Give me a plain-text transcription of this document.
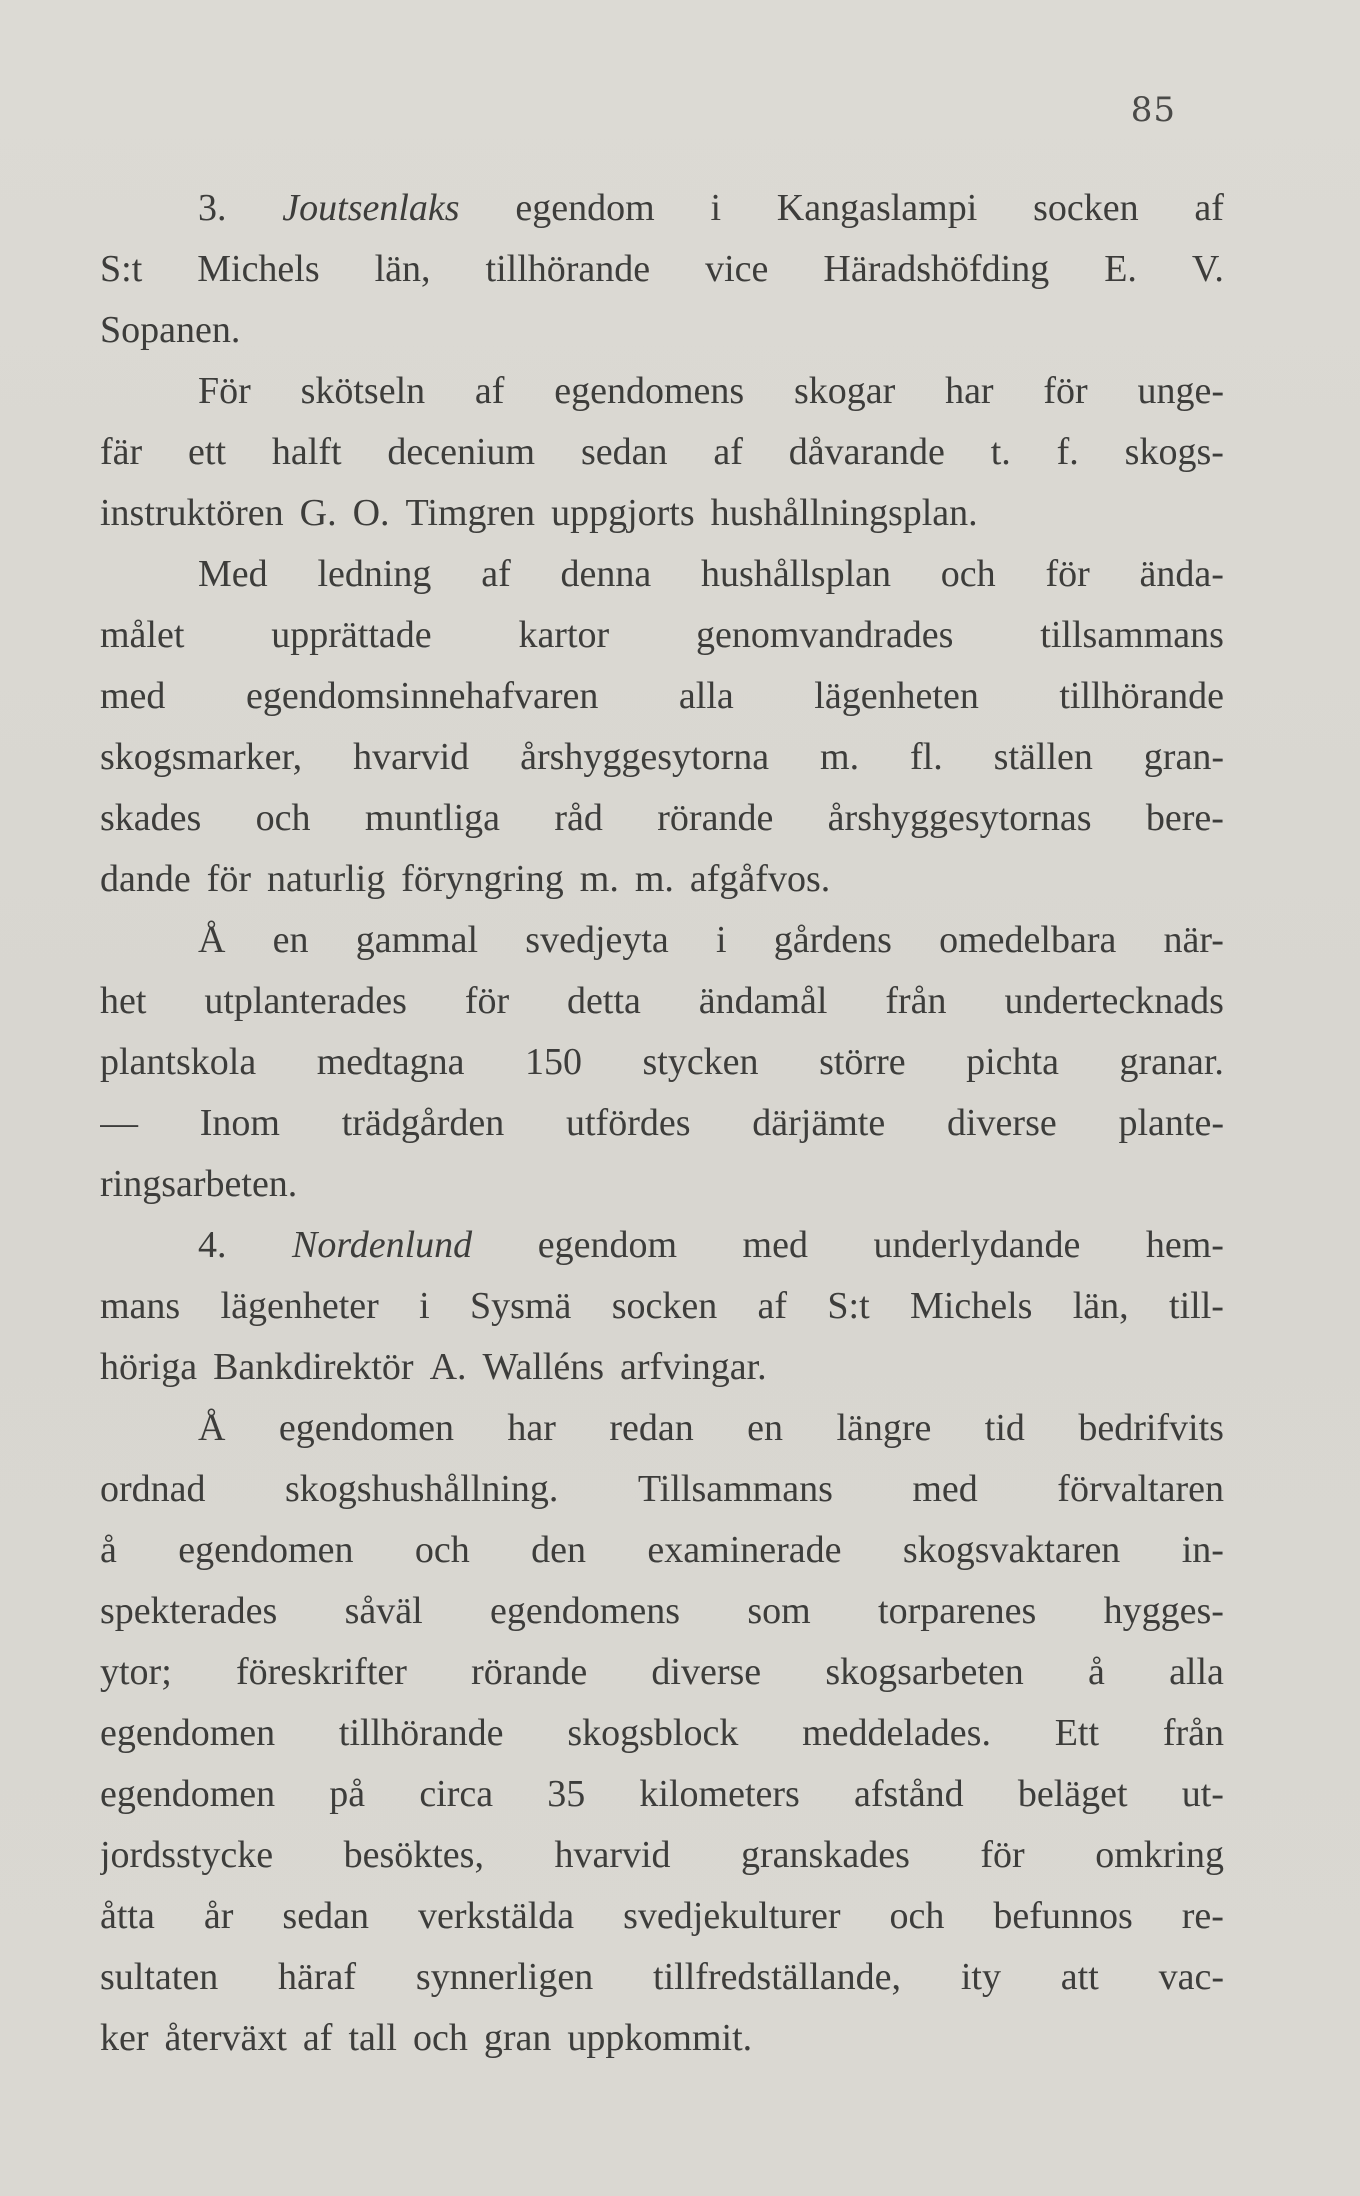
85
3. Joutsenlaks egendom i Kangaslampi socken af
S:t Michels län, tillhörande vice Häradshöfding E. V.
Sopanen.
För skötseln af egendomens skogar har för unge-
fär ett halft decenium sedan af dåvarande t. f. skogs-
instruktören G. O. Timgren uppgjorts hushållningsplan.
Med ledning af denna hushållsplan och för ända-
målet upprättade kartor genomvandrades tillsammans
med egendomsinnehafvaren alla lägenheten tillhörande
skogsmarker, hvarvid årshyggesytorna m. fl. ställen gran-
skades och muntliga råd rörande årshyggesytornas bere-
dande för naturlig föryngring m. m. afgåfvos.
Å en gammal svedjeyta i gårdens omedelbara när-
het utplanterades för detta ändamål från undertecknads
plantskola medtagna 150 stycken större pichta granar.
— Inom trädgården utfördes därjämte diverse plante-
ringsarbeten.
4. Nordenlund egendom med underlydande hem-
mans lägenheter i Sysmä socken af S:t Michels län, till-
höriga Bankdirektör A. Walléns arfvingar.
Å egendomen har redan en längre tid bedrifvits
ordnad skogshushållning. Tillsammans med förvaltaren
å egendomen och den examinerade skogsvaktaren in-
spekterades såväl egendomens som torparenes hygges-
ytor; föreskrifter rörande diverse skogsarbeten å alla
egendomen tillhörande skogsblock meddelades. Ett från
egendomen på circa 35 kilometers afstånd beläget ut-
jordsstycke besöktes, hvarvid granskades för omkring
åtta år sedan verkstälda svedjekulturer och befunnos re-
sultaten häraf synnerligen tillfredställande, ity att vac-
ker återväxt af tall och gran uppkommit.
